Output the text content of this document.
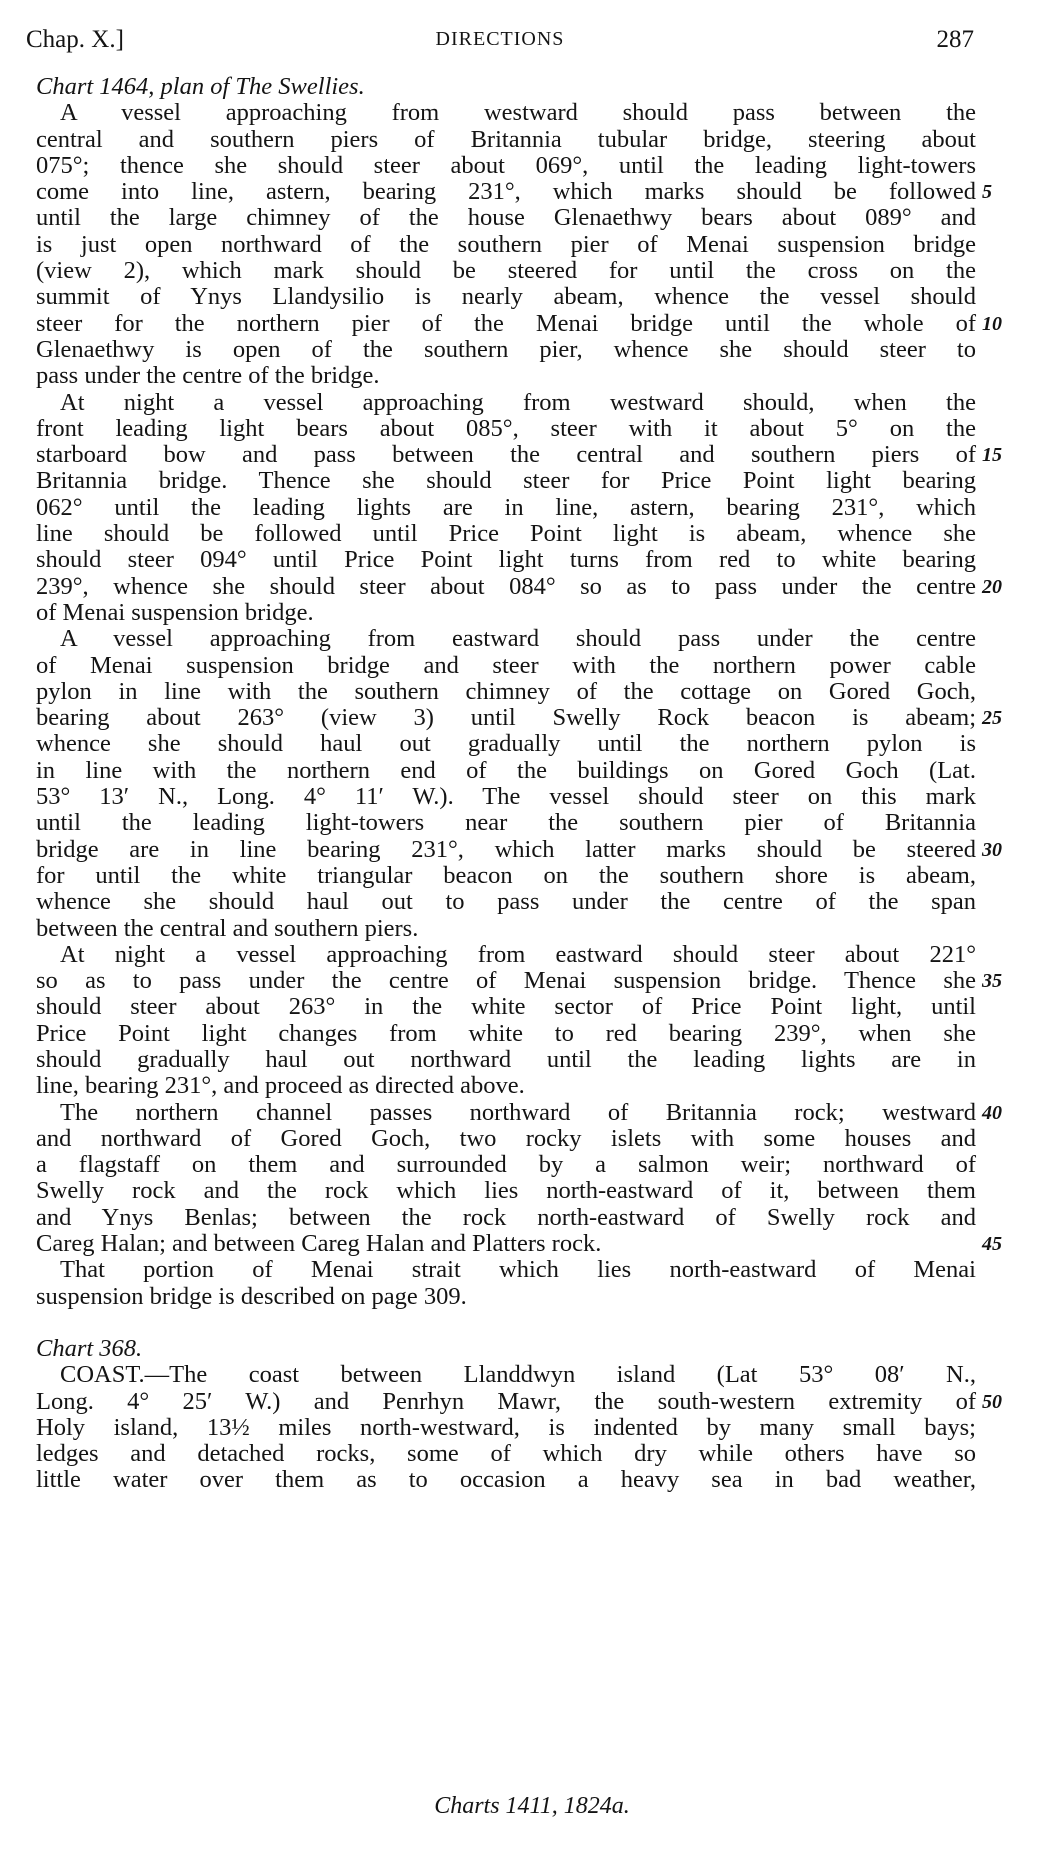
Chap. X.]	DIRECTIONS	287
Chart 1464, plan of The Swellies.
A vessel approaching from westward should pass between the
central and southern piers of Britannia tubular bridge, steering about
075°; thence she should steer about 069°, until the leading light-towers
come into line, astern, bearing 231°, which marks should be followed 5
until the large chimney of the house Glenaethwy bears about 089° and
is just open northward of the southern pier of Menai suspension bridge
(view 2), which mark should be steered for until the cross on the
summit of Ynys Llandysilio is nearly abeam, whence the vessel should
steer for the northern pier of the Menai bridge until the whole of 10
Glenaethwy is open of the southern pier, whence she should steer to
pass under the centre of the bridge.
At night a vessel approaching from westward should, when the
front leading light bears about 085°, steer with it about 5° on the
starboard bow and pass between the central and southern piers of 15
Britannia bridge. Thence she should steer for Price Point light bearing
062° until the leading lights are in line, astern, bearing 231°, which
line should be followed until Price Point light is abeam, whence she
should steer 094° until Price Point light turns from red to white bearing
239°, whence she should steer about 084° so as to pass under the centre 20
of Menai suspension bridge.
A vessel approaching from eastward should pass under the centre
of Menai suspension bridge and steer with the northern power cable
pylon in line with the southern chimney of the cottage on Gored Goch,
bearing about 263° (view 3) until Swelly Rock beacon is abeam; 25
whence she should haul out gradually until the northern pylon is
in line with the northern end of the buildings on Gored Goch (Lat.
53° 13′ N., Long. 4° 11′ W.). The vessel should steer on this mark
until the leading light-towers near the southern pier of Britannia
bridge are in line bearing 231°, which latter marks should be steered 30
for until the white triangular beacon on the southern shore is abeam,
whence she should haul out to pass under the centre of the span
between the central and southern piers.
At night a vessel approaching from eastward should steer about 221°
so as to pass under the centre of Menai suspension bridge. Thence she 35
should steer about 263° in the white sector of Price Point light, until
Price Point light changes from white to red bearing 239°, when she
should gradually haul out northward until the leading lights are in
line, bearing 231°, and proceed as directed above.
The northern channel passes northward of Britannia rock; westward 40
and northward of Gored Goch, two rocky islets with some houses and
a flagstaff on them and surrounded by a salmon weir; northward of
Swelly rock and the rock which lies north-eastward of it, between them
and Ynys Benlas; between the rock north-eastward of Swelly rock and
Careg Halan; and between Careg Halan and Platters rock.	45
That portion of Menai strait which lies north-eastward of Menai
suspension bridge is described on page 309.
Chart 368.
COAST.—The coast between Llanddwyn island (Lat 53° 08′ N.,
Long. 4° 25′ W.) and Penrhyn Mawr, the south-western extremity of 50
Holy island, 13½ miles north-westward, is indented by many small bays;
ledges and detached rocks, some of which dry while others have so
little water over them as to occasion a heavy sea in bad weather,
Charts 1411, 1824a.
